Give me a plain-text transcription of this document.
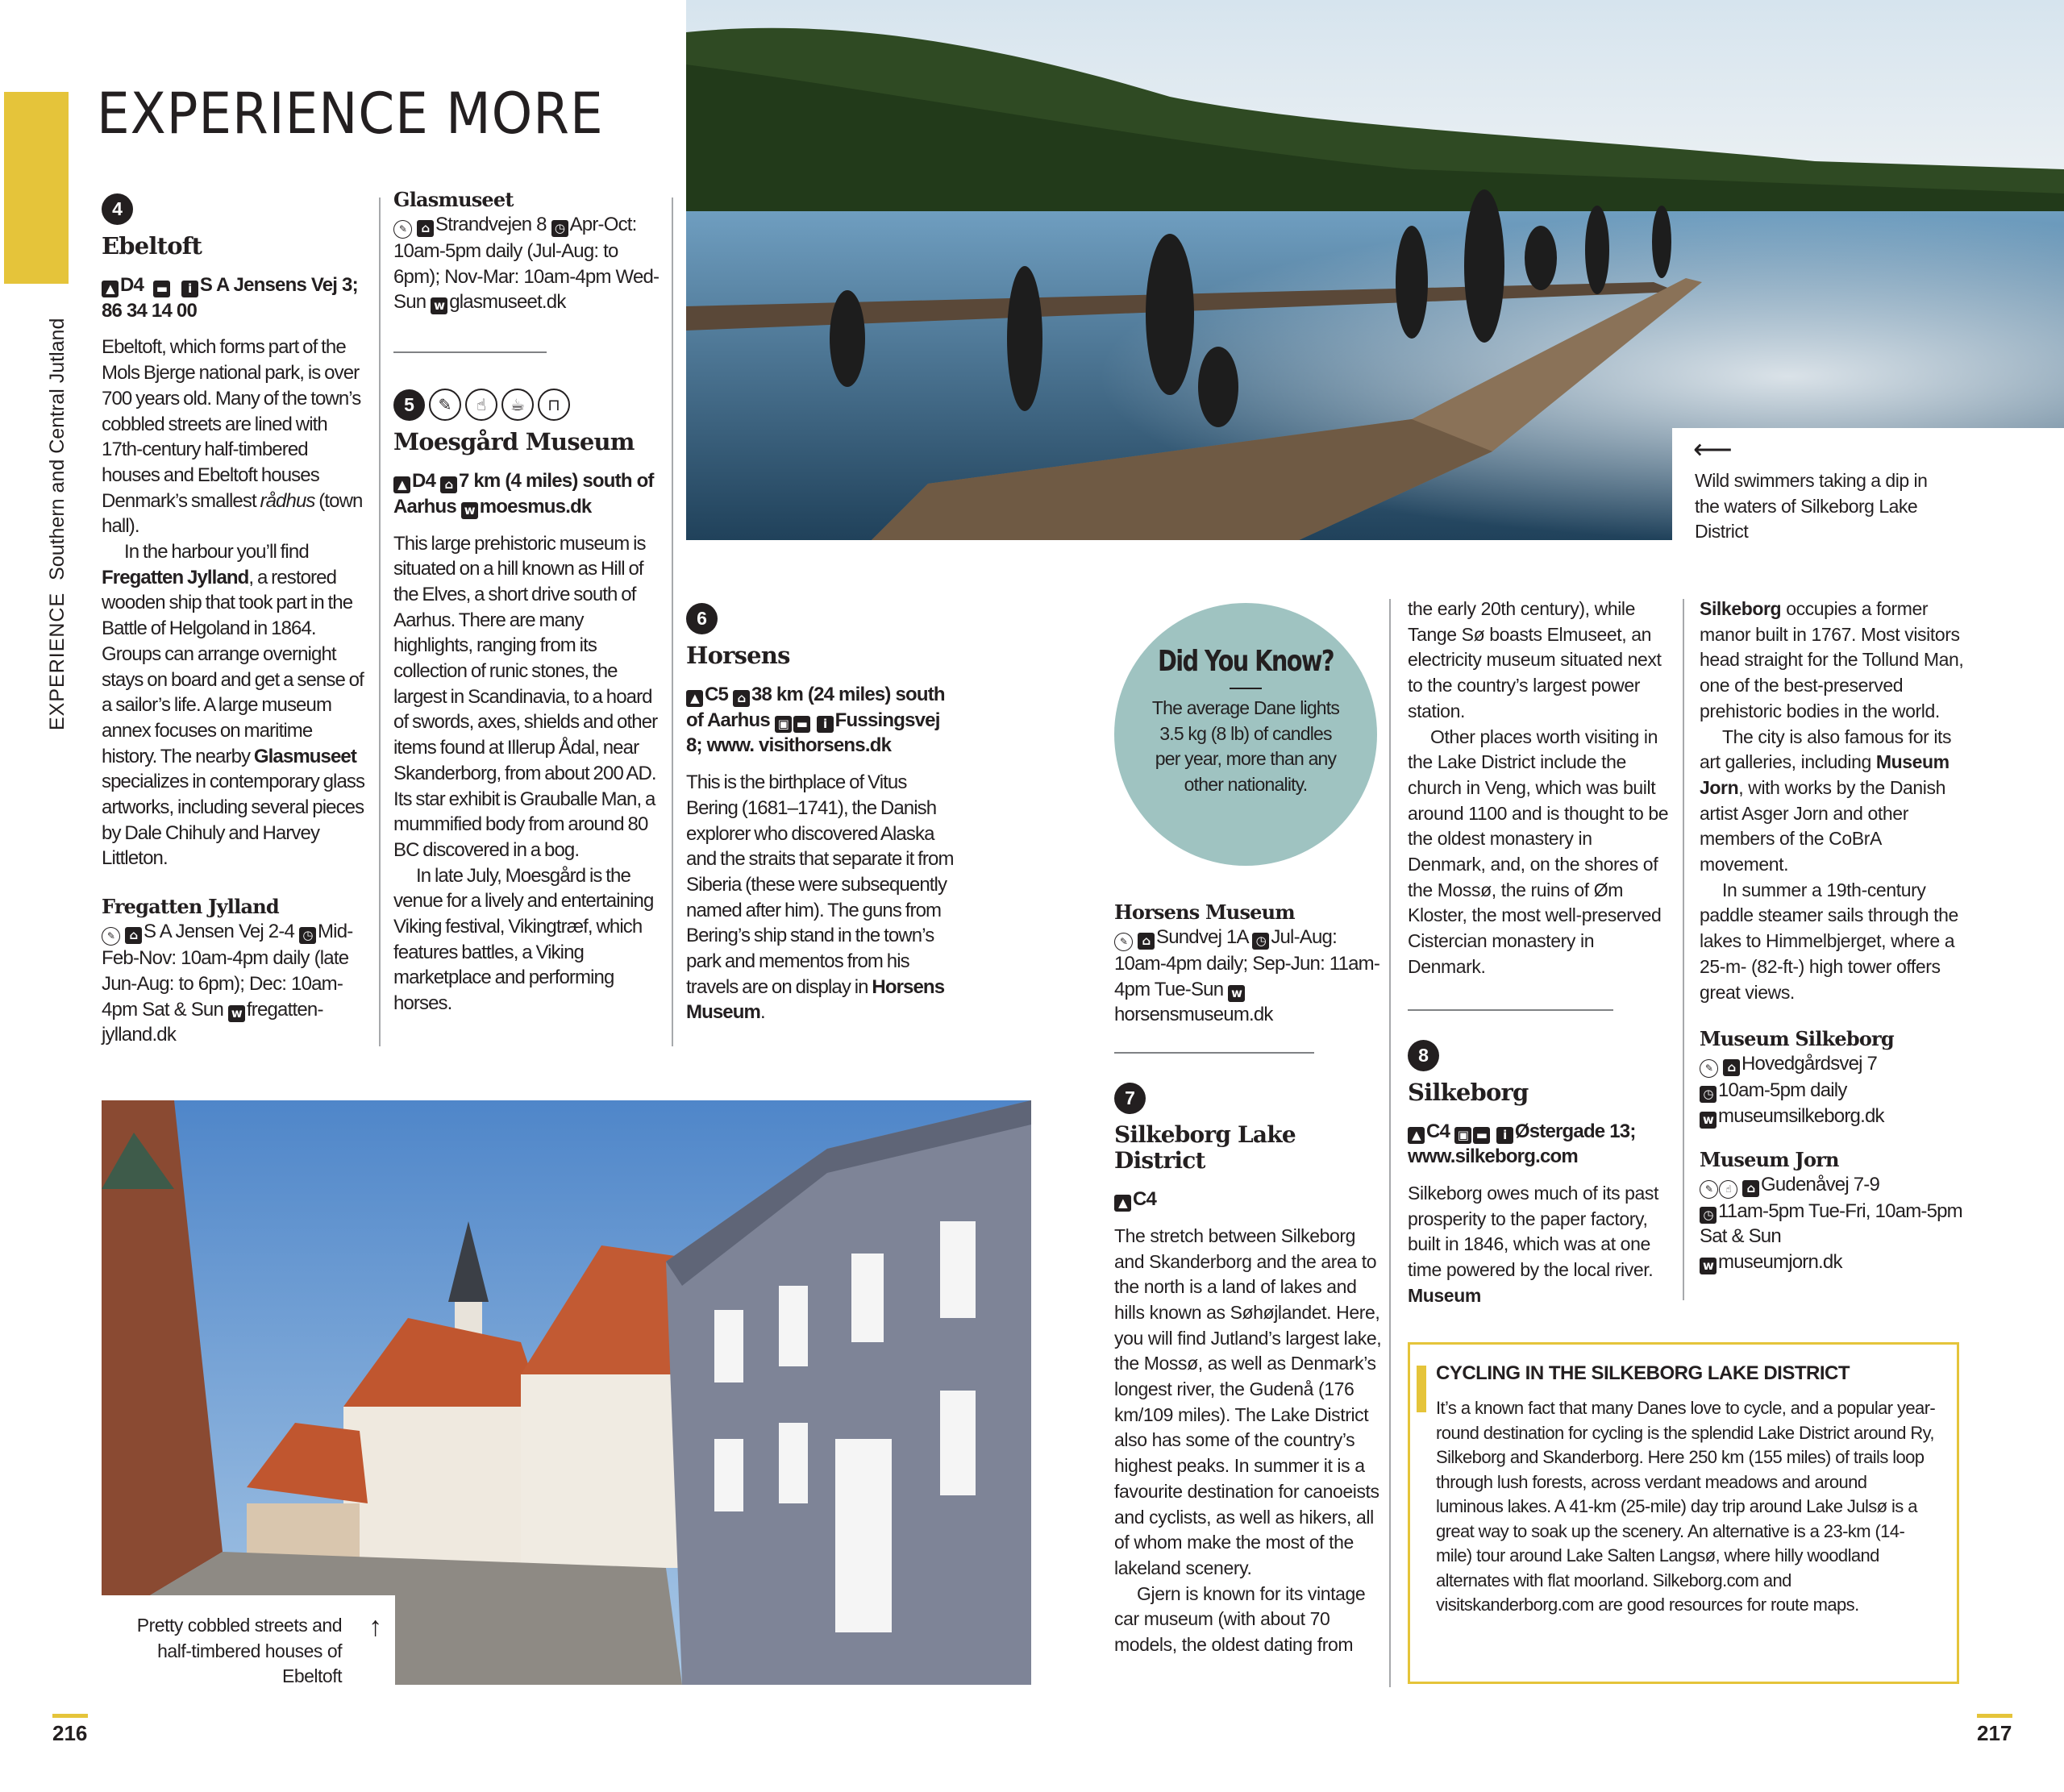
EXPERIENCE Southern and Central Jutland
EXPERIENCE MORE
4
Ebeltoft
▲ D4 ▬ i S A Jensens Vej 3; 86 34 14 00

Ebeltoft, which forms part of the Mols Bjerge national park, is over 700 years old. Many of the town’s cobbled streets are lined with 17th-century half-timbered houses and Ebeltoft houses Denmark’s smallest rådhus (town hall).

In the harbour you’ll find Fregatten Jylland, a restored wooden ship that took part in the Battle of Helgoland in 1864. Groups can arrange overnight stays on board and get a sense of a sailor’s life. A large museum annex focuses on maritime history. The nearby Glasmuseet specializes in contemporary glass artworks, including several pieces by Dale Chihuly and Harvey Littleton.

Fregatten Jylland
✎ ⌂ S A Jensen Vej 2-4 ◷ Mid-Feb-Nov: 10am-4pm daily (late Jun-Aug: to 6pm); Dec: 10am-4pm Sat & Sun w fregatten-jylland.dk
Glasmuseet
✎ ⌂ Strandvejen 8 ◷ Apr-Oct: 10am-5pm daily (Jul-Aug: to 6pm); Nov-Mar: 10am-4pm Wed-Sun w glasmuseet.dk
5	✎	☝	☕	⊓
Moesgård Museum
▲ D4 ⌂ 7 km (4 miles) south of Aarhus w moesmus.dk

This large prehistoric museum is situated on a hill known as Hill of the Elves, a short drive south of Aarhus. There are many highlights, ranging from its collection of runic stones, the largest in Scandinavia, to a hoard of swords, axes, shields and other items found at Illerup Ådal, near Skanderborg, from about 200 AD. Its star exhibit is Grauballe Man, a mummified body from around 80 BC discovered in a bog.

In late July, Moesgård is the venue for a lively and entertaining Viking festival, Vikingtræf, which features battles, a Viking marketplace and performing horses.

⟵
Wild swimmers taking a dip in the waters of Silkeborg Lake District
6
Horsens
▲ C5 ⌂ 38 km (24 miles) south of Aarhus ▣ ▬ i Fussingsvej 8; www. visithorsens.dk

This is the birthplace of Vitus Bering (1681–1741), the Danish explorer who discovered Alaska and the straits that separate it from Siberia (these were subsequently named after him). The guns from Bering’s ship stand in the town’s park and mementos from his travels are on display in Horsens Museum.

Did You Know?
The average Dane lights 3.5 kg (8 lb) of candles per year, more than any other nationality.
Horsens Museum
✎ ⌂ Sundvej 1A ◷ Jul-Aug: 10am-4pm daily; Sep-Jun: 11am-4pm Tue-Sun whorsensmuseum.dk
7
Silkeborg Lake District
▲ C4

The stretch between Silkeborg and Skanderborg and the area to the north is a land of lakes and hills known as Søhøjlandet. Here, you will find Jutland’s largest lake, the Mossø, as well as Denmark’s longest river, the Gudenå (176 km/109 miles). The Lake District also has some of the country’s highest peaks. In summer it is a favourite destination for canoeists and cyclists, as well as hikers, all of whom make the most of the lakeland scenery.

Gjern is known for its vintage car museum (with about 70 models, the oldest dating from

the early 20th century), while Tange Sø boasts Elmuseet, an electricity museum situated next to the country’s largest power station.

Other places worth visiting in the Lake District include the church in Veng, which was built around 1100 and is thought to be the oldest monastery in Denmark, and, on the shores of the Mossø, the ruins of Øm Kloster, the most well-preserved Cistercian monastery in Denmark.

8
Silkeborg
▲ C4 ▣ ▬ i Østergade 13; www.silkeborg.com

Silkeborg owes much of its past prosperity to the paper factory, built in 1846, which was at one time powered by the local river. Museum

Silkeborg occupies a former manor built in 1767. Most visitors head straight for the Tollund Man, one of the best-preserved prehistoric bodies in the world.

The city is also famous for its art galleries, including Museum Jorn, with works by the Danish artist Asger Jorn and other members of the CoBrA movement.

In summer a 19th-century paddle steamer sails through the lakes to Himmelbjerget, where a 25-m- (82-ft-) high tower offers great views.

Museum Silkeborg
✎ ⌂ Hovedgårdsvej 7
◷ 10am-5pm daily
w museumsilkeborg.dk
Museum Jorn
✎ ☝ ⌂ Gudenåvej 7-9
◷ 11am-5pm Tue-Fri, 10am-5pm Sat & Sun
w museumjorn.dk
CYCLING IN THE SILKEBORG LAKE DISTRICT
It’s a known fact that many Danes love to cycle, and a popular year-round destination for cycling is the splendid Lake District around Ry, Silkeborg and Skanderborg. Here 250 km (155 miles) of trails loop through lush forests, across verdant meadows and around luminous lakes. A 41-km (25-mile) day trip around Lake Julsø is a great way to soak up the scenery. An alternative is a 23-km (14-mile) tour around Lake Salten Langsø, where hilly woodland alternates with flat moorland. Silkeborg.com and visitskanderborg.com are good resources for route maps.
Pretty cobbled streets and half-timbered houses of Ebeltoft
↑
216	217
